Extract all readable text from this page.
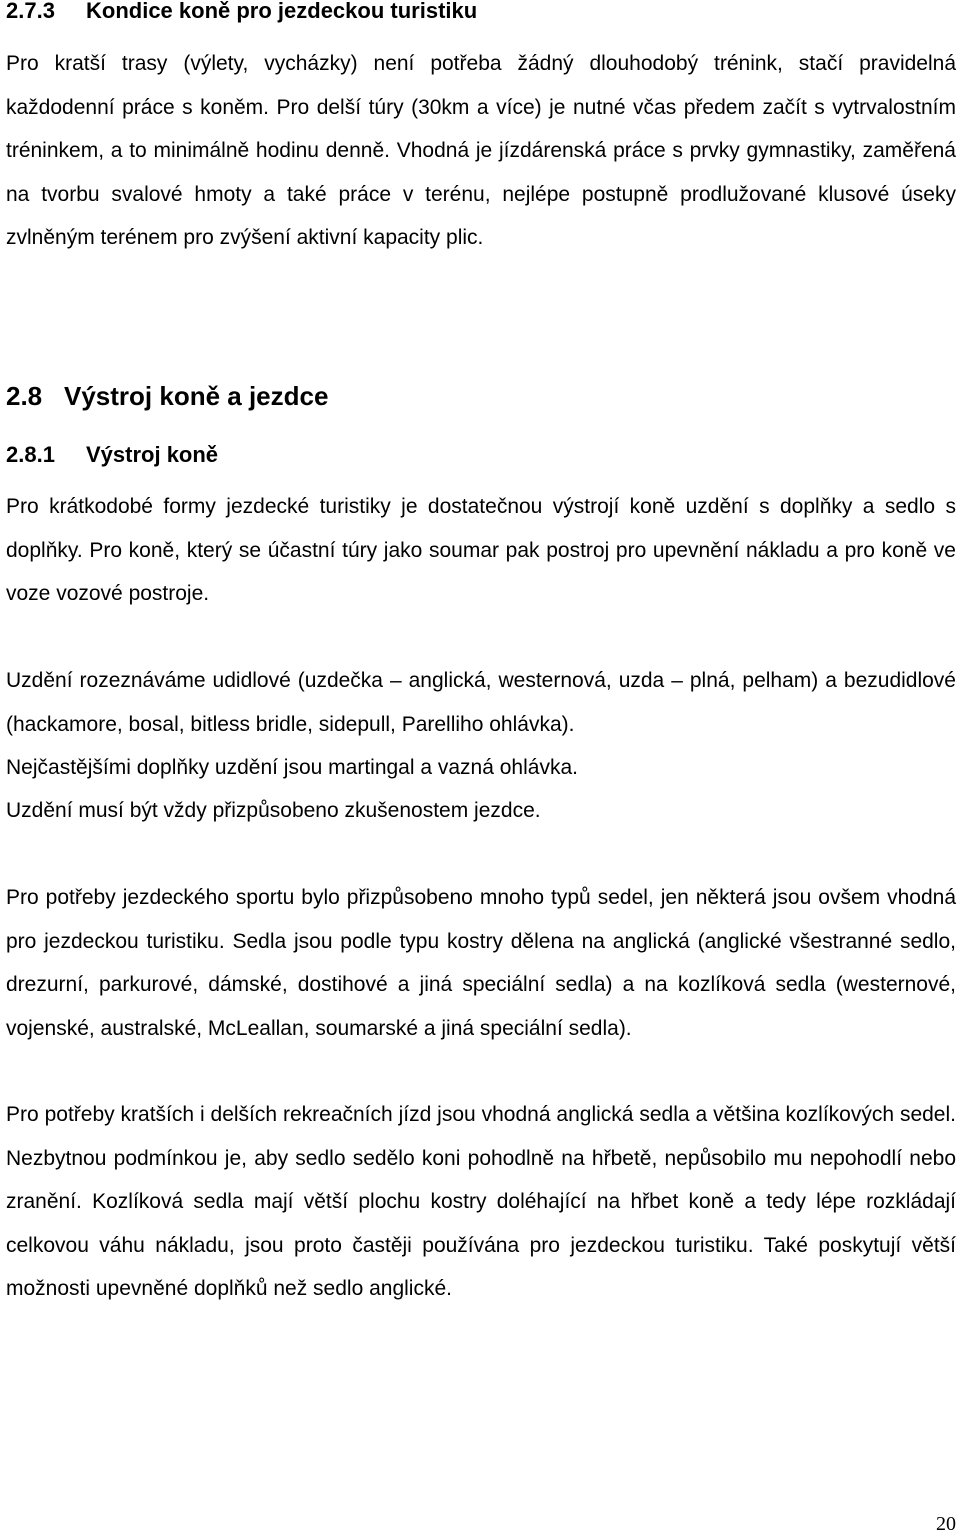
2.7.3 Kondice koně pro jezdeckou turistiku
Pro kratší trasy (výlety, vycházky) není potřeba žádný dlouhodobý trénink, stačí pravidelná každodenní práce s koněm. Pro delší túry (30km a více) je nutné včas předem začít s vytrvalostním tréninkem, a to minimálně hodinu denně. Vhodná je jízdárenská práce s prvky gymnastiky, zaměřená na tvorbu svalové hmoty a také práce v terénu, nejlépe postupně prodlužované klusové úseky zvlněným terénem pro zvýšení aktivní kapacity plic.
2.8 Výstroj koně a jezdce
2.8.1 Výstroj koně
Pro krátkodobé formy jezdecké turistiky je dostatečnou výstrojí koně uzdění s doplňky a sedlo s doplňky. Pro koně, který se účastní túry jako soumar pak postroj pro upevnění nákladu a pro koně ve voze vozové postroje.
Uzdění rozeznáváme udidlové (uzdečka – anglická, westernová, uzda – plná, pelham) a bezudidlové (hackamore, bosal, bitless bridle, sidepull, Parelliho ohlávka).
Nejčastějšími doplňky uzdění jsou martingal a vazná ohlávka.
Uzdění musí být vždy přizpůsobeno zkušenostem jezdce.
Pro potřeby jezdeckého sportu bylo přizpůsobeno mnoho typů sedel, jen některá jsou ovšem vhodná pro jezdeckou turistiku. Sedla jsou podle typu kostry dělena na anglická (anglické všestranné sedlo, drezurní, parkurové, dámské, dostihové a jiná speciální sedla) a na kozlíková sedla (westernové, vojenské, australské, McLeallan, soumarské a jiná speciální sedla).
Pro potřeby kratších i delších rekreačních jízd jsou vhodná anglická sedla a většina kozlíkových sedel. Nezbytnou podmínkou je, aby sedlo sedělo koni pohodlně na hřbetě, nepůsobilo mu nepohodlí nebo zranění. Kozlíková sedla mají větší plochu kostry doléhající na hřbet koně a tedy lépe rozkládají celkovou váhu nákladu, jsou proto častěji používána pro jezdeckou turistiku. Také poskytují větší možnosti upevněné doplňků než sedlo anglické.
20
